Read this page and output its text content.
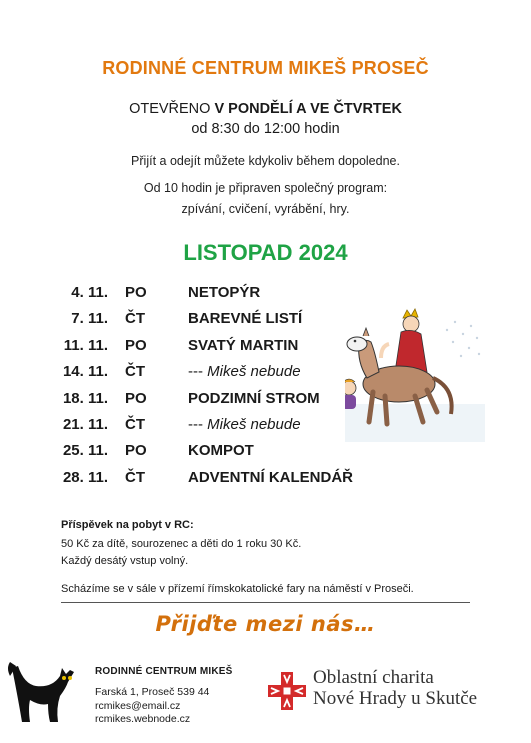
RODINNÉ CENTRUM MIKEŠ PROSEČ
OTEVŘENO V PONDĚLÍ A VE ČTVRTEK
od 8:30 do 12:00 hodin
Přijít a odejít můžete kdykoliv během dopoledne.
Od 10 hodin je připraven společný program:
zpívání, cvičení, vyrábění, hry.
LISTOPAD 2024
4. 11. PO	NETOPÝR
7. 11. ČT	BAREVNÉ LISTÍ
11. 11. PO	SVATÝ MARTIN
14. 11. ČT	--- Mikeš nebude
18. 11. PO	PODZIMNÍ STROM
21. 11. ČT	--- Mikeš nebude
25. 11. PO	KOMPOT
28. 11. ČT	ADVENTNÍ KALENDÁŘ
Příspěvek na pobyt v RC:
50 Kč za dítě, sourozenec a děti do 1 roku 30 Kč.
Každý desátý vstup volný.
Scházíme se v sále v přízemí římskokatolické fary na náměstí v Proseči.
Přijďte mezi nás…
RODINNÉ CENTRUM MIKEŠ
Farská 1, Proseč 539 44
rcmikes@email.cz
rcmikes.webnode.cz
Oblastní charita
Nové Hrady u Skutče
